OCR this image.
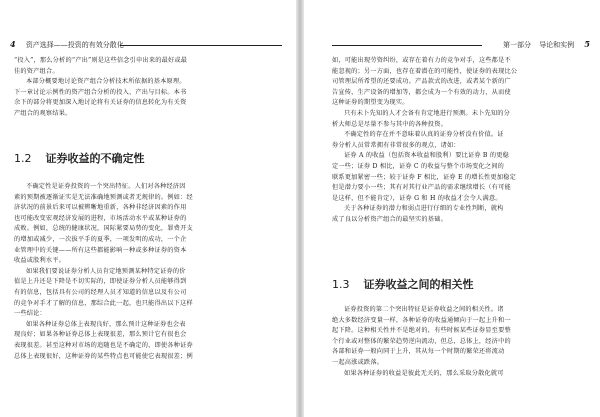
4 资产选择——投资的有效分散化
“投入”，那么分析的“产出”则是这些信念引申出来的最好或最
佳的资产组合。
本部分概要地讨论资产组合分析技术所依据的基本原理。
下一章讨论示例性的资产组合分析的投入、产出与目标。本书
余下的部分将更加深入地讨论将有关证券的信息转化为有关资
产组合的观察结果。
1.2 证券收益的不确定性
不确定性是证券投资的一个突出特征。人们对各种经济因
素的预期被逐渐证实是无法准确地预测或者无规律的。例如：经
济状况的前景后来可以被辨晰地重新，各种非经济因素的作用
也可能改变宏观经济发展的进程，市场活动水平或某种证券的
成败。例如，总统的健康状况，国际紧要局势的变化，罪费开支
的增加或减少，一次拔平手的夏季，一项发明的成功，一个企
业管理中的关键——所有这些都能影响一种或多种证券的资本
收益或股利水平。
如果我们要说证券分析人员肯定地预测某种特定证券的价
值是上升还是下降是不切实际的，即使证券分析人员能够得到
有的信息，包括具有公司的经理人员才知道的信息以及有公司
的竞争对手才了解的信息，那综合此一起，也只能得出以下这样
一些结论：
如果各种证券总体上表现良好，那么预计这种证券也会表
现良好；如果各种证券总体上表现很差，那么预计它有很也会
表现很差。甚至这种对市场的追随也是不确定的，即使各种证券
总体上表现很好，这种证券的某些特点也可能使它表现很差；例
第一部分 导论和实例 5
如，可能出现劳资纠纷，或存在着有力的竞争对手，这些都是不
能忽视的；另一方面，也存在着潜在的可能性，使证券的表现比公
司管理层所希望的还要成功。产品款式的改进，或者某个新的广
告宣传，生产设备的增加等，都会成为一个有效的动力，从而使
这种证券的期望变为现实。
只有未卜先知的人才会备有肯定地进行预测。未卜先知的分
析大师总是尽量不参与其中的各种投资。
不确定性的存在并不意味着认真的证券分析没有价值。证
券分析人员常常拥有非常很多的观点，诸如：
证券 A 的收益（包括资本收益和股利）要比证券 B 的更稳
定一些；证券 D 相比，证券 C 的收益与整个市场变化之间的
联系更加紧密一些；较于证券 F 相比，证券 E 的增长性更加稳定
但是潜力要小一些；其有对其行业产品的需求继续增长（有可能
是这样，但不能肯定），证券 G 和 H 的收益才会令人满意。
关于各种证券的潜力和弱点进行仔细的专业性判断，就构
成了良以分析资产组合的最坚实的基础。
1.3 证券收益之间的相关性
证券投资的第二个突出特征是证券收益之间的相关性。诸
绝大多数经济变量一样，各种证券的收益通倾向于一起上升和一
起下降。这种相关性并不是绝对的，有些时候某些证券显至要整
个行业或对整体的繁荣趋势逆向流动，但总，总体上，经济中的
各部和证券一般向同于上升，其从每一个时期的繁荣还将流动
一起高涨或跌落。
如果各种证券的收益是彼此无关的，那么采取分散化就可
